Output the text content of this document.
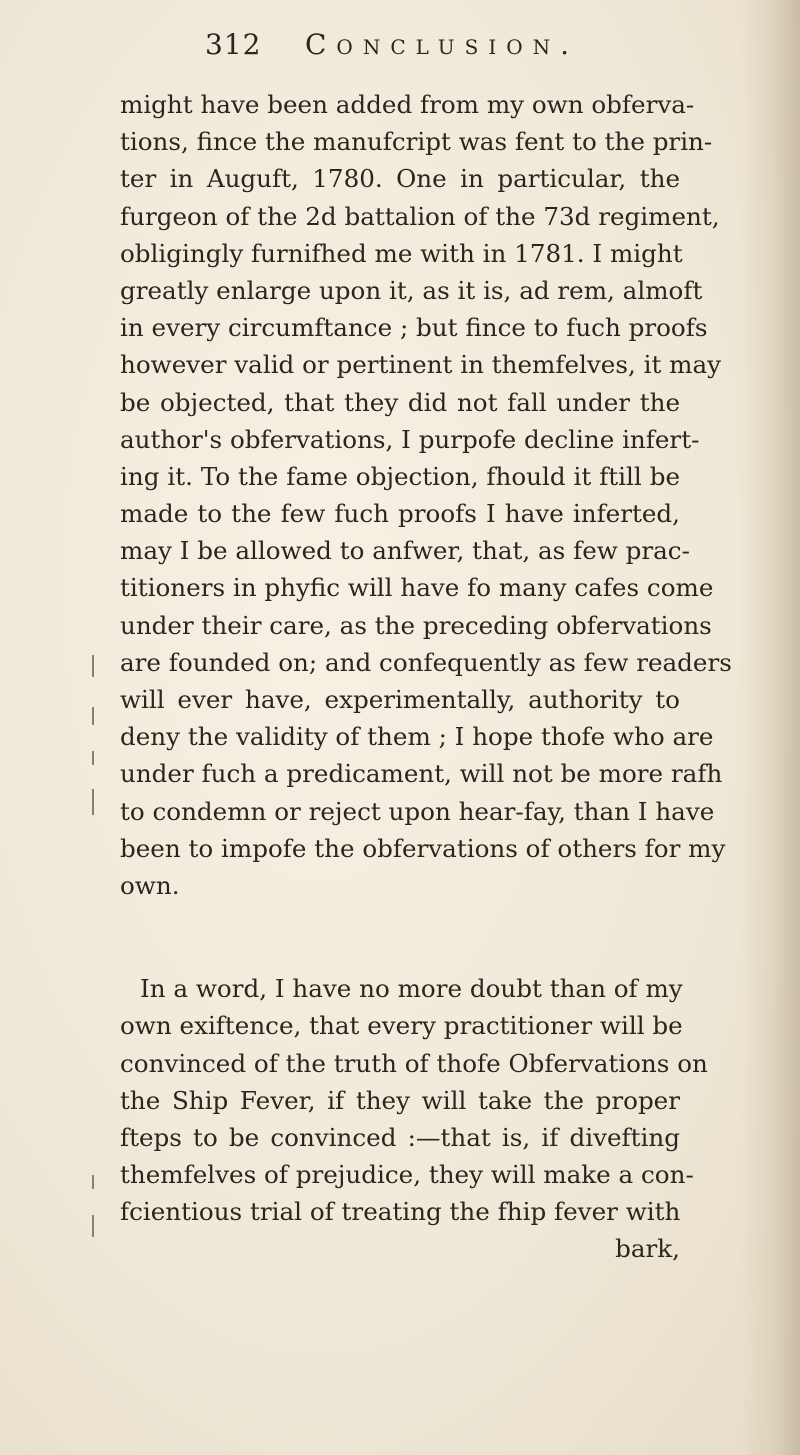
312 Conclusion.
might have been added from my own obferva-
tions, fince the manufcript was fent to the prin-
ter in Auguft, 1780. One in particular, the
furgeon of the 2d battalion of the 73d regiment,
obligingly furnifhed me with in 1781. I might
greatly enlarge upon it, as it is, ad rem, almoft
in every circumftance ; but fince to fuch proofs
however valid or pertinent in themfelves, it may
be objected, that they did not fall under the
author's obfervations, I purpofe decline infert-
ing it. To the fame objection, fhould it ftill be
made to the few fuch proofs I have inferted,
may I be allowed to anfwer, that, as few prac-
titioners in phyfic will have fo many cafes come
under their care, as the preceding obfervations
are founded on; and confequently as few readers
will ever have, experimentally, authority to
deny the validity of them ; I hope thofe who are
under fuch a predicament, will not be more rafh
to condemn or reject upon hear-fay, than I have
been to impofe the obfervations of others for my
own.
In a word, I have no more doubt than of my
own exiftence, that every practitioner will be
convinced of the truth of thofe Obfervations on
the Ship Fever, if they will take the proper
fteps to be convinced :—that is, if divefting
themfelves of prejudice, they will make a con-
fcientious trial of treating the fhip fever with
bark,
